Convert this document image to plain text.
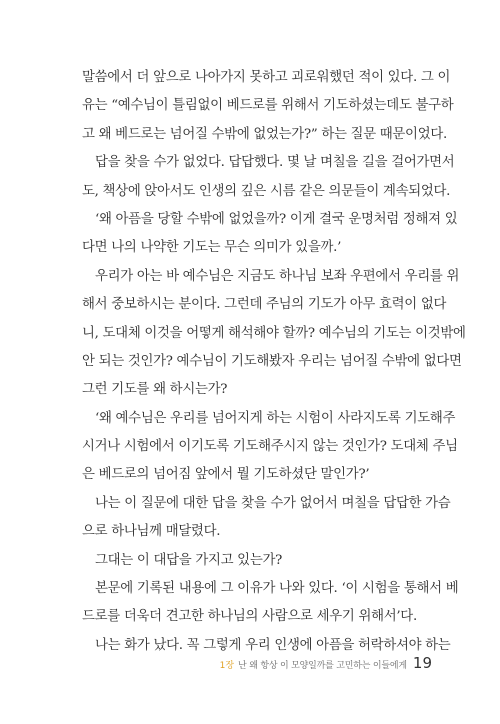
말씀에서 더 앞으로 나아가지 못하고 괴로워했던 적이 있다. 그 이
유는 “예수님이 틀림없이 베드로를 위해서 기도하셨는데도 불구하
고 왜 베드로는 넘어질 수밖에 없었는가?” 하는 질문 때문이었다.
답을 찾을 수가 없었다. 답답했다. 몇 날 며칠을 길을 걸어가면서
도, 책상에 앉아서도 인생의 깊은 시름 같은 의문들이 계속되었다.
‘왜 아픔을 당할 수밖에 없었을까? 이게 결국 운명처럼 정해져 있
다면 나의 나약한 기도는 무슨 의미가 있을까.’
우리가 아는 바 예수님은 지금도 하나님 보좌 우편에서 우리를 위
해서 중보하시는 분이다. 그런데 주님의 기도가 아무 효력이 없다
니, 도대체 이것을 어떻게 해석해야 할까? 예수님의 기도는 이것밖에
안 되는 것인가? 예수님이 기도해봤자 우리는 넘어질 수밖에 없다면
그런 기도를 왜 하시는가?
‘왜 예수님은 우리를 넘어지게 하는 시험이 사라지도록 기도해주
시거나 시험에서 이기도록 기도해주시지 않는 것인가? 도대체 주님
은 베드로의 넘어짐 앞에서 뭘 기도하셨단 말인가?’
나는 이 질문에 대한 답을 찾을 수가 없어서 며칠을 답답한 가슴
으로 하나님께 매달렸다.
그대는 이 대답을 가지고 있는가?
본문에 기록된 내용에 그 이유가 나와 있다. ‘이 시험을 통해서 베
드로를 더욱더 견고한 하나님의 사람으로 세우기 위해서’다.
나는 화가 났다. 꼭 그렇게 우리 인생에 아픔을 허락하셔야 하는
1장 난 왜 항상 이 모양일까를 고민하는 이들에게 19
